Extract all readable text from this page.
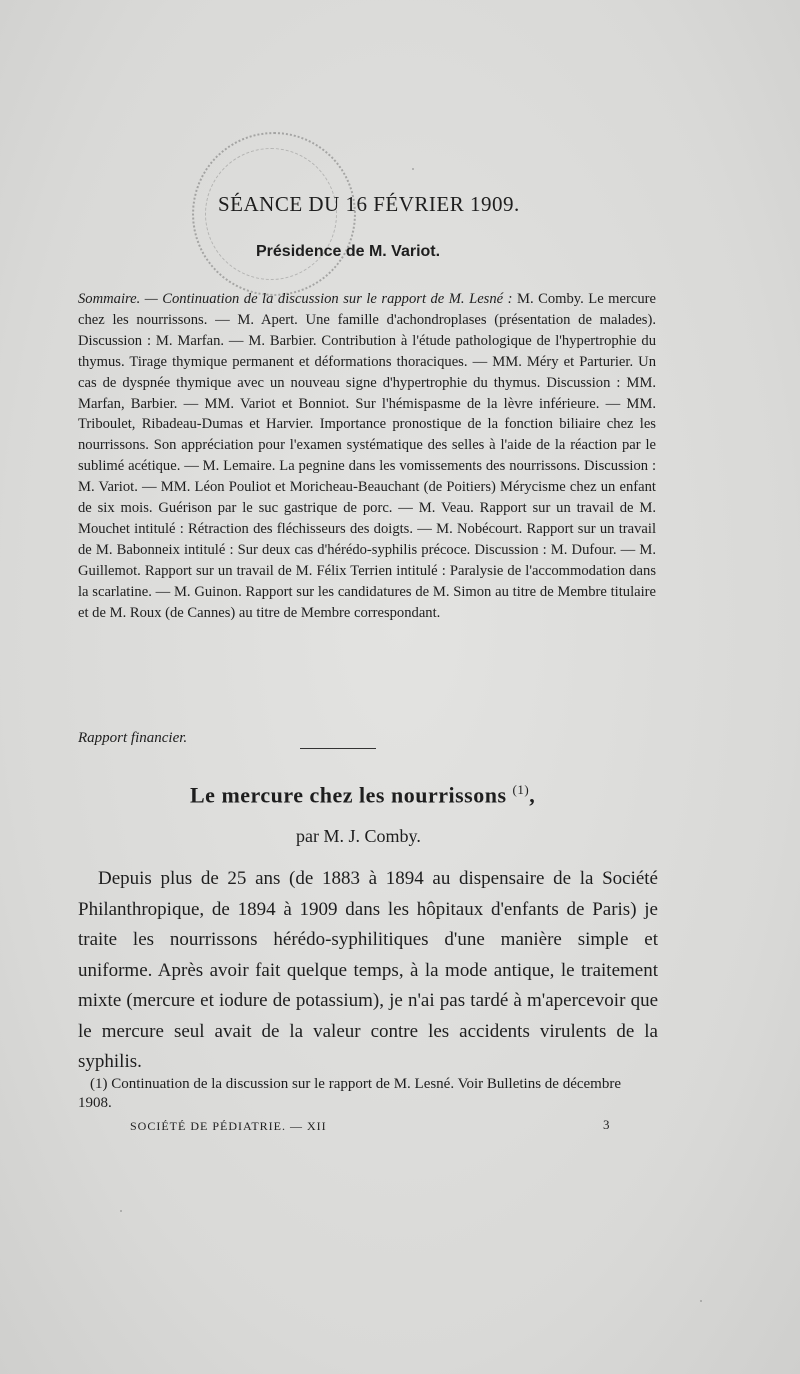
SÉANCE DU 16 FÉVRIER 1909.
Présidence de M. Variot.
Sommaire. — Continuation de la discussion sur le rapport de M. Lesné : M. Comby. Le mercure chez les nourrissons. — M. Apert. Une famille d'achondroplases (présentation de malades). Discussion : M. Marfan. — M. Barbier. Contribution à l'étude pathologique de l'hypertrophie du thymus. Tirage thymique permanent et déformations thoraciques. — MM. Méry et Parturier. Un cas de dyspnée thymique avec un nouveau signe d'hypertrophie du thymus. Discussion : MM. Marfan, Barbier. — MM. Variot et Bonniot. Sur l'hémispasme de la lèvre inférieure. — MM. Triboulet, Ribadeau-Dumas et Harvier. Importance pronostique de la fonction biliaire chez les nourrissons. Son appréciation pour l'examen systématique des selles à l'aide de la réaction par le sublimé acétique. — M. Lemaire. La pegnine dans les vomissements des nourrissons. Discussion : M. Variot. — MM. Léon Pouliot et Moricheau-Beauchant (de Poitiers) Mérycisme chez un enfant de six mois. Guérison par le suc gastrique de porc. — M. Veau. Rapport sur un travail de M. Mouchet intitulé : Rétraction des fléchisseurs des doigts. — M. Nobécourt. Rapport sur un travail de M. Babonneix intitulé : Sur deux cas d'hérédo-syphilis précoce. Discussion : M. Dufour. — M. Guillemot. Rapport sur un travail de M. Félix Terrien intitulé : Paralysie de l'accommodation dans la scarlatine. — M. Guinon. Rapport sur les candidatures de M. Simon au titre de Membre titulaire et de M. Roux (de Cannes) au titre de Membre correspondant.
Rapport financier.
Le mercure chez les nourrissons $^{(1)}$,
par M. J. Comby.
Depuis plus de 25 ans (de 1883 à 1894 au dispensaire de la Société Philanthropique, de 1894 à 1909 dans les hôpitaux d'enfants de Paris) je traite les nourrissons hérédo-syphilitiques d'une manière simple et uniforme. Après avoir fait quelque temps, à la mode antique, le traitement mixte (mercure et iodure de potassium), je n'ai pas tardé à m'apercevoir que le mercure seul avait de la valeur contre les accidents virulents de la syphilis.
(1) Continuation de la discussion sur le rapport de M. Lesné. Voir Bulletins de décembre 1908.
SOCIÉTÉ DE PÉDIATRIE. — XII	3
